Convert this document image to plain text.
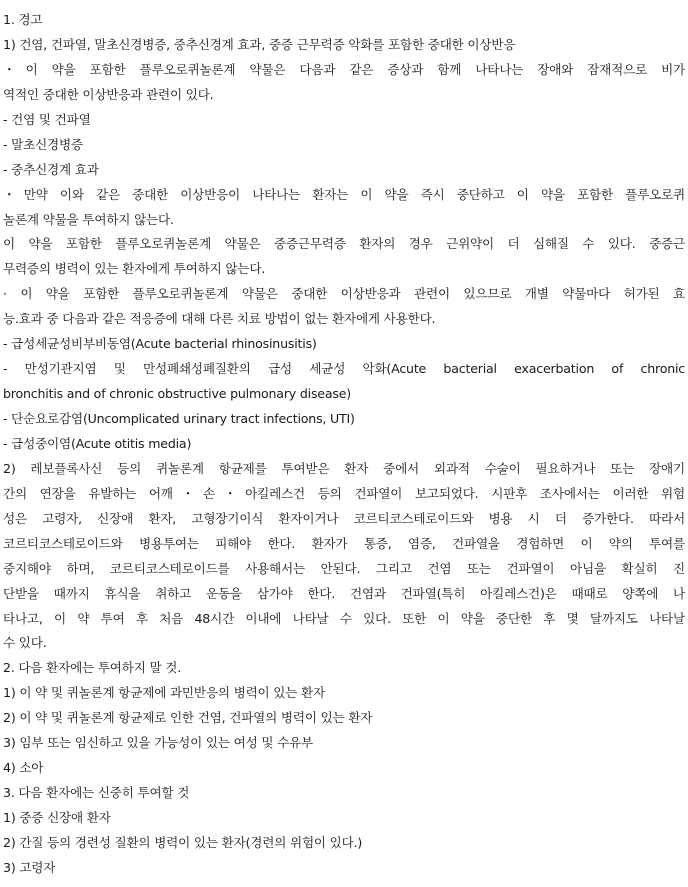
1. 경고
1) 건염, 건파열, 말초신경병증, 중추신경계 효과, 중증 근무력증 악화를 포함한 중대한 이상반응
・이 약을 포함한 플루오로퀴놀론계 약물은 다음과 같은 증상과 함께 나타나는 장애와 잠재적으로 비가
역적인 중대한 이상반응과 관련이 있다.
- 건염 및 건파열
- 말초신경병증
- 중추신경계 효과
・만약 이와 같은 중대한 이상반응이 나타나는 환자는 이 약을 즉시 중단하고 이 약을 포함한 플루오로퀴
놀론계 약물을 투여하지 않는다.
이 약을 포함한 플루오로퀴놀론계 약물은 중증근무력증 환자의 경우 근위약이 더 심해질 수 있다. 중증근
무력증의 병력이 있는 환자에게 투여하지 않는다.
· 이 약을 포함한 플루오로퀴놀론계 약물은 중대한 이상반응과 관련이 있으므로 개별 약물마다 허가된 효
능.효과 중 다음과 같은 적응증에 대해 다른 치료 방법이 없는 환자에게 사용한다.
- 급성세균성비부비동염(Acute bacterial rhinosinusitis)
- 만성기관지염 및 만성폐쇄성폐질환의 급성 세균성 악화(Acute bacterial exacerbation of chronic
bronchitis and of chronic obstructive pulmonary disease)
- 단순요로감염(Uncomplicated urinary tract infections, UTI)
- 급성중이염(Acute otitis media)
2) 레보플록사신 등의 퀴놀론계 항균제를 투여받은 환자 중에서 외과적 수술이 필요하거나 또는 장애기
간의 연장을 유발하는 어깨・손・아킬레스건 등의 건파열이 보고되었다. 시판후 조사에서는 이러한 위험
성은 고령자, 신장애 환자, 고형장기이식 환자이거나 코르티코스테로이드와 병용 시 더 증가한다. 따라서
코르티코스테로이드와 병용투여는 피해야 한다. 환자가 통증, 염증, 건파열을 경험하면 이 약의 투여를
중지해야 하며, 코르티코스테로이드를 사용해서는 안된다. 그리고 건염 또는 건파열이 아님을 확실히 진
단받을 때까지 휴식을 취하고 운동을 삼가야 한다. 건염과 건파열(특히 아킬레스건)은 때때로 양쪽에 나
타나고, 이 약 투여 후 처음 48시간 이내에 나타날 수 있다. 또한 이 약을 중단한 후 몇 달까지도 나타날
수 있다.
2. 다음 환자에는 투여하지 말 것.
1) 이 약 및 퀴놀론계 항균제에 과민반응의 병력이 있는 환자
2) 이 약 및 퀴놀론계 항균제로 인한 건염, 건파열의 병력이 있는 환자
3) 임부 또는 임신하고 있을 가능성이 있는 여성 및 수유부
4) 소아
3. 다음 환자에는 신중히 투여할 것
1) 중증 신장애 환자
2) 간질 등의 경련성 질환의 병력이 있는 환자(경련의 위험이 있다.)
3) 고령자
